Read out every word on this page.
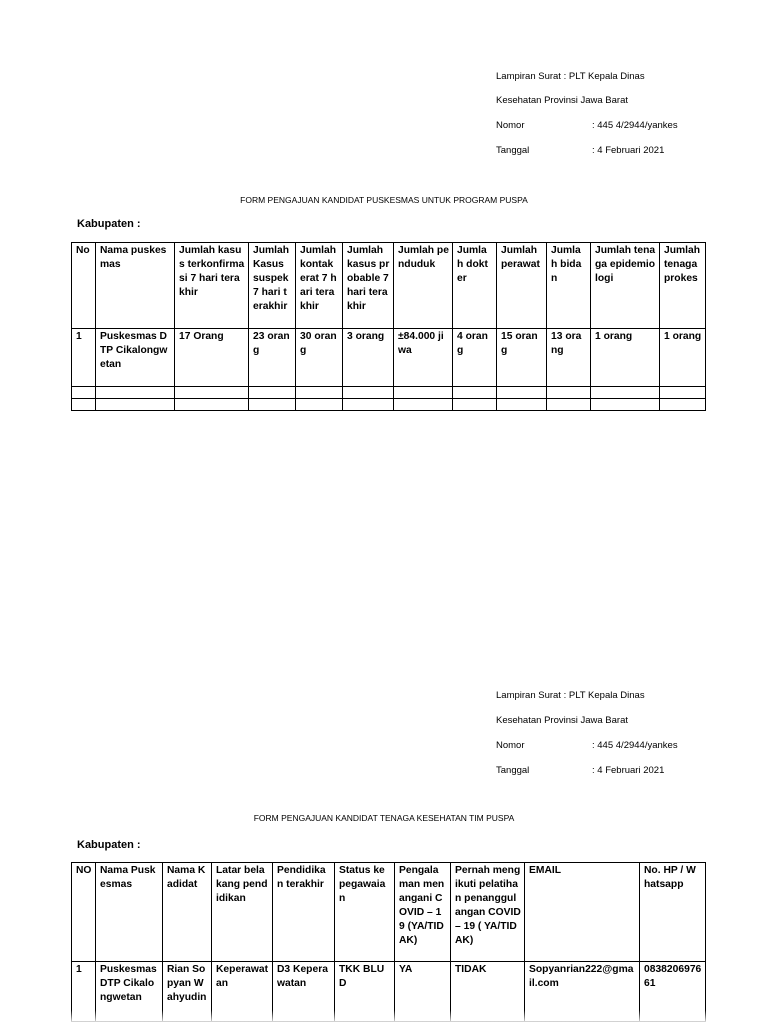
Lampiran Surat : PLT Kepala Dinas
Kesehatan Provinsi Jawa Barat
Nomor	: 445 4/2944/yankes
Tanggal	: 4 Februari 2021
FORM PENGAJUAN KANDIDAT PUSKESMAS UNTUK PROGRAM PUSPA
Kabupaten :
No	Nama puskesmas	Jumlah kasus terkonfirmasi 7 hari terakhir	Jumlah Kasus suspek 7 hari terakhir	Jumlah kontak erat 7 hari terakhir	Jumlah kasus probable 7 hari terakhir	Jumlah penduduk	Jumlah dokter	Jumlah perawat	Jumlah bidan	Jumlah tenaga epidemiologi	Jumlah tenaga prokes
1	Puskesmas DTP Cikalongwetan	17 Orang	23 orang	30 orang	3 orang	±84.000 jiwa	4 orang	15 orang	13 orang	1 orang	1 orang

Lampiran Surat : PLT Kepala Dinas
Kesehatan Provinsi Jawa Barat
Nomor	: 445 4/2944/yankes
Tanggal	: 4 Februari 2021
FORM PENGAJUAN KANDIDAT TENAGA KESEHATAN TIM PUSPA
Kabupaten :
NO	Nama Puskesmas	Nama Kadidat	Latar belakang pendidikan	Pendidikan terakhir	Status kepegawaian	Pengalaman menangani COVID – 19 (YA/TIDAK)	Pernah mengikuti pelatihan penanggulangan COVID – 19 ( YA/TIDAK)	EMAIL	No. HP / Whatsapp
1	Puskesmas DTP Cikalongwetan	Rian Sopyan Wahyudin	Keperawatan	D3 Keperawatan	TKK BLUD	YA	TIDAK	Sopyanrian222@gmail.com	083820697661
